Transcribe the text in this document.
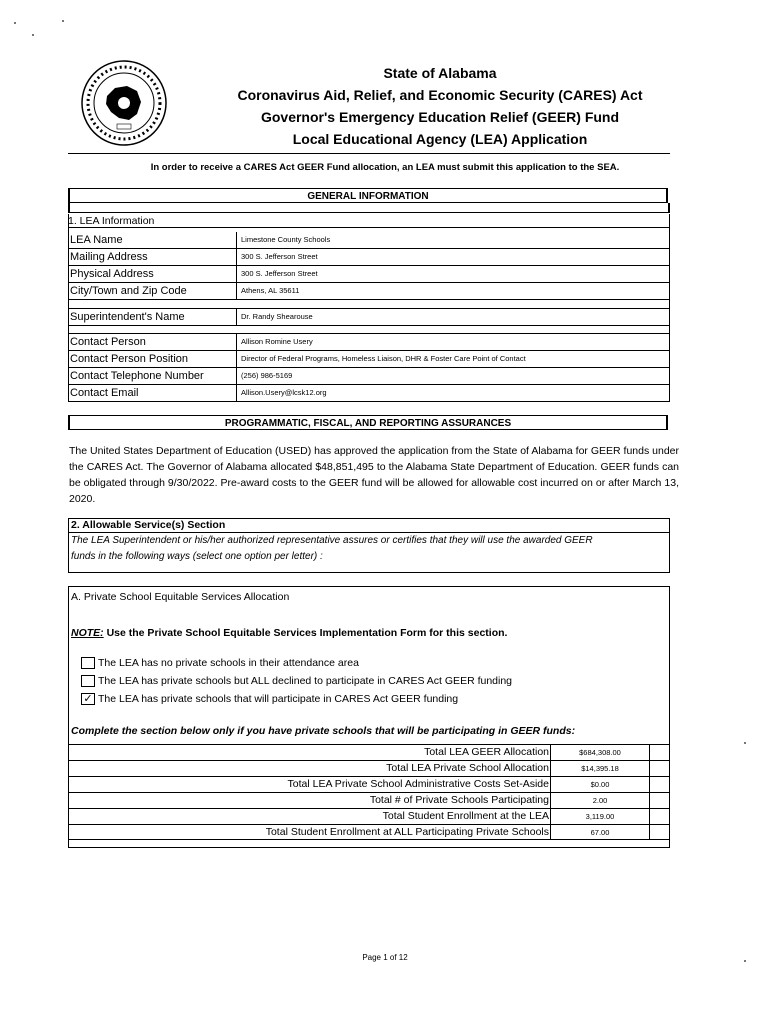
State of Alabama
Coronavirus Aid, Relief, and Economic Security (CARES) Act
Governor's Emergency Education Relief (GEER) Fund
Local Educational Agency (LEA) Application
In order to receive a CARES Act GEER Fund allocation, an LEA must submit this application to the SEA.
GENERAL INFORMATION
1. LEA Information
LEA Name	Limestone County Schools
Mailing Address	300 S. Jefferson Street
Physical Address	300 S. Jefferson Street
City/Town and Zip Code	Athens, AL 35611
Superintendent's Name	Dr. Randy Shearouse
Contact Person	Allison Romine Usery
Contact Person Position	Director of Federal Programs, Homeless Liaison, DHR & Foster Care Point of Contact
Contact Telephone Number	(256) 986-5169
Contact Email	Allison.Usery@lcsk12.org
PROGRAMMATIC, FISCAL, AND REPORTING ASSURANCES
The United States Department of Education (USED) has approved the application from the State of Alabama for GEER funds under the CARES Act. The Governor of Alabama allocated $48,851,495 to the Alabama State Department of Education. GEER funds can be obligated through 9/30/2022. Pre-award costs to the GEER fund will be allowed for allowable cost incurred on or after March 13, 2020.
2. Allowable Service(s) Section
The LEA Superintendent or his/her authorized representative assures or certifies that they will use the awarded GEER
funds in the following ways (select one option per letter) :
A. Private School Equitable Services Allocation
NOTE: Use the Private School Equitable Services Implementation Form for this section.
The LEA has no private schools in their attendance area
The LEA has private schools but ALL declined to participate in CARES Act GEER funding
✓ The LEA has private schools that will participate in CARES Act GEER funding
Complete the section below only if you have private schools that will be participating in GEER funds:
Total LEA GEER Allocation	$684,308.00
Total LEA Private School Allocation	$14,395.18
Total LEA Private School Administrative Costs Set-Aside	$0.00
Total # of Private Schools Participating	2.00
Total Student Enrollment at the LEA	3,119.00
Total Student Enrollment at ALL Participating Private Schools	67.00
Page 1 of 12
